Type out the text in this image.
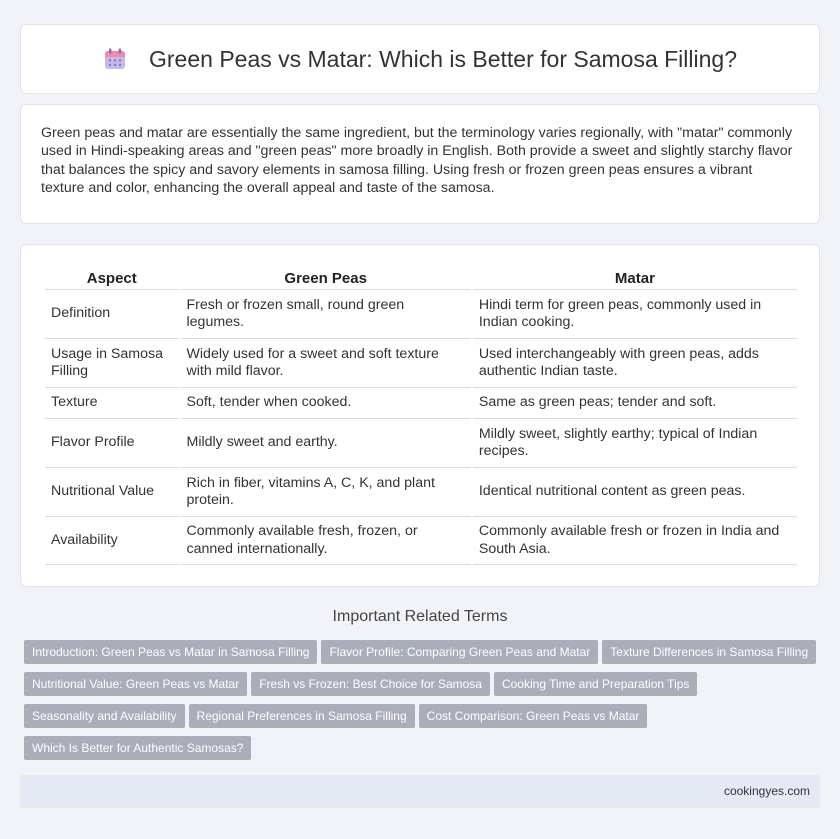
Green Peas vs Matar: Which is Better for Samosa Filling?

Green peas and matar are essentially the same ingredient, but the terminology varies regionally, with "matar" commonly used in Hindi-speaking areas and "green peas" more broadly in English. Both provide a sweet and slightly starchy flavor that balances the spicy and savory elements in samosa filling. Using fresh or frozen green peas ensures a vibrant texture and color, enhancing the overall appeal and taste of the samosa.

Aspect	Green Peas	Matar
Definition	Fresh or frozen small, round green legumes.	Hindi term for green peas, commonly used in Indian cooking.
Usage in Samosa Filling	Widely used for a sweet and soft texture with mild flavor.	Used interchangeably with green peas, adds authentic Indian taste.
Texture	Soft, tender when cooked.	Same as green peas; tender and soft.
Flavor Profile	Mildly sweet and earthy.	Mildly sweet, slightly earthy; typical of Indian recipes.
Nutritional Value	Rich in fiber, vitamins A, C, K, and plant protein.	Identical nutritional content as green peas.
Availability	Commonly available fresh, frozen, or canned internationally.	Commonly available fresh or frozen in India and South Asia.
Important Related Terms
Introduction: Green Peas vs Matar in Samosa Filling Flavor Profile: Comparing Green Peas and Matar Texture Differences in Samosa Filling
Nutritional Value: Green Peas vs Matar Fresh vs Frozen: Best Choice for Samosa Cooking Time and Preparation Tips
Seasonality and Availability Regional Preferences in Samosa Filling Cost Comparison: Green Peas vs Matar
Which Is Better for Authentic Samosas?
cookingyes.com
